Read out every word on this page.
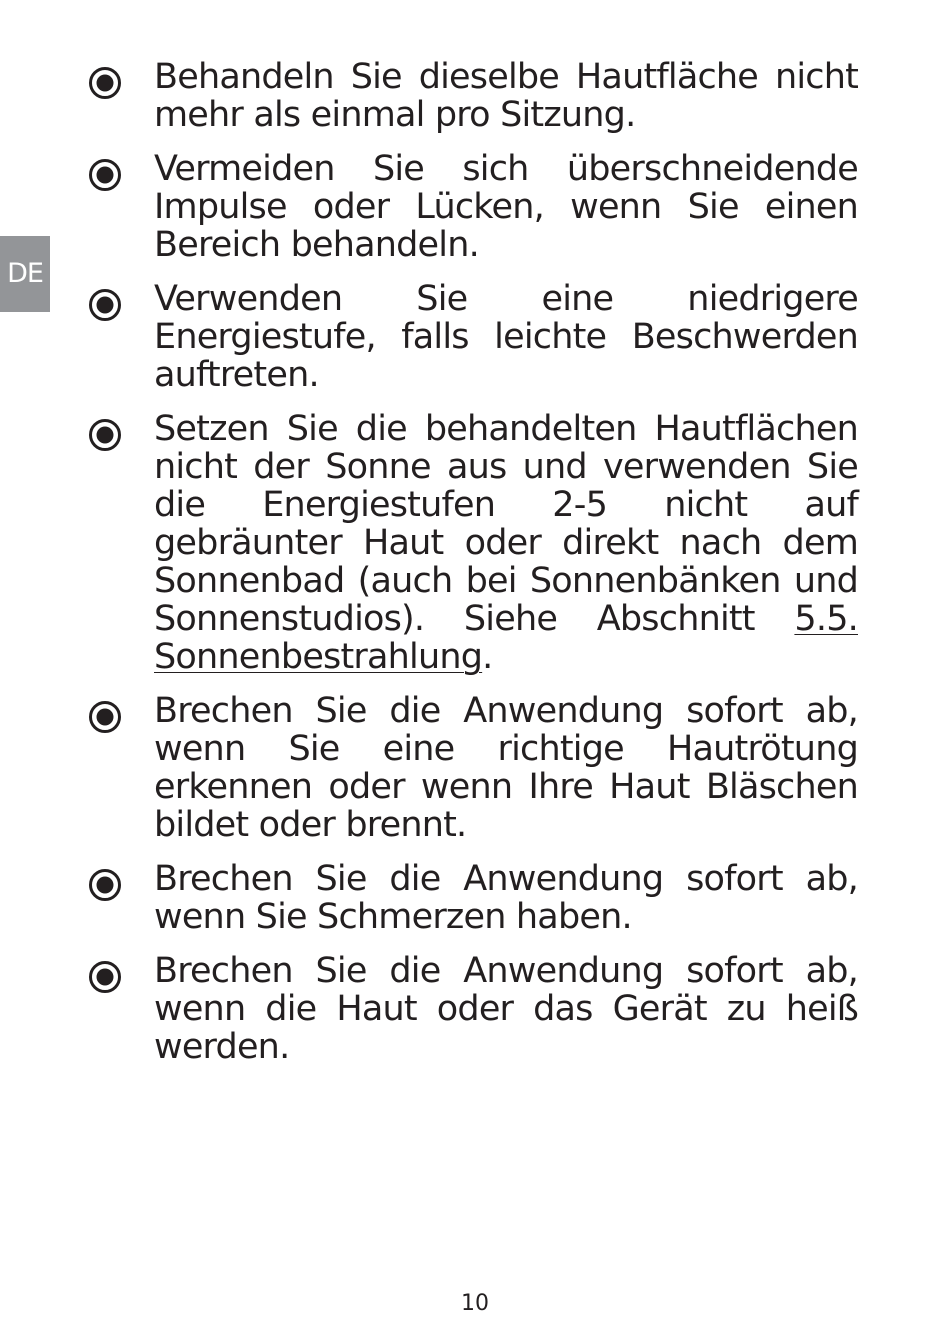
DE
Behandeln Sie dieselbe Hautfläche nicht mehr als einmal pro Sitzung.
Vermeiden Sie sich überschneidende Impulse oder Lücken, wenn Sie einen Bereich behandeln.
Verwenden Sie eine niedrigere Energiestufe, falls leichte Beschwerden auftreten.
Setzen Sie die behandelten Hautflächen nicht der Sonne aus und verwenden Sie die Energiestufen 2-5 nicht auf gebräunter Haut oder direkt nach dem Sonnenbad (auch bei Sonnenbänken und Sonnenstudios). Siehe Abschnitt 5.5. Sonnenbestrahlung.
Brechen Sie die Anwendung sofort ab, wenn Sie eine richtige Hautrötung erkennen oder wenn Ihre Haut Bläschen bildet oder brennt.
Brechen Sie die Anwendung sofort ab, wenn Sie Schmerzen haben.
Brechen Sie die Anwendung sofort ab, wenn die Haut oder das Gerät zu heiß werden.
10
